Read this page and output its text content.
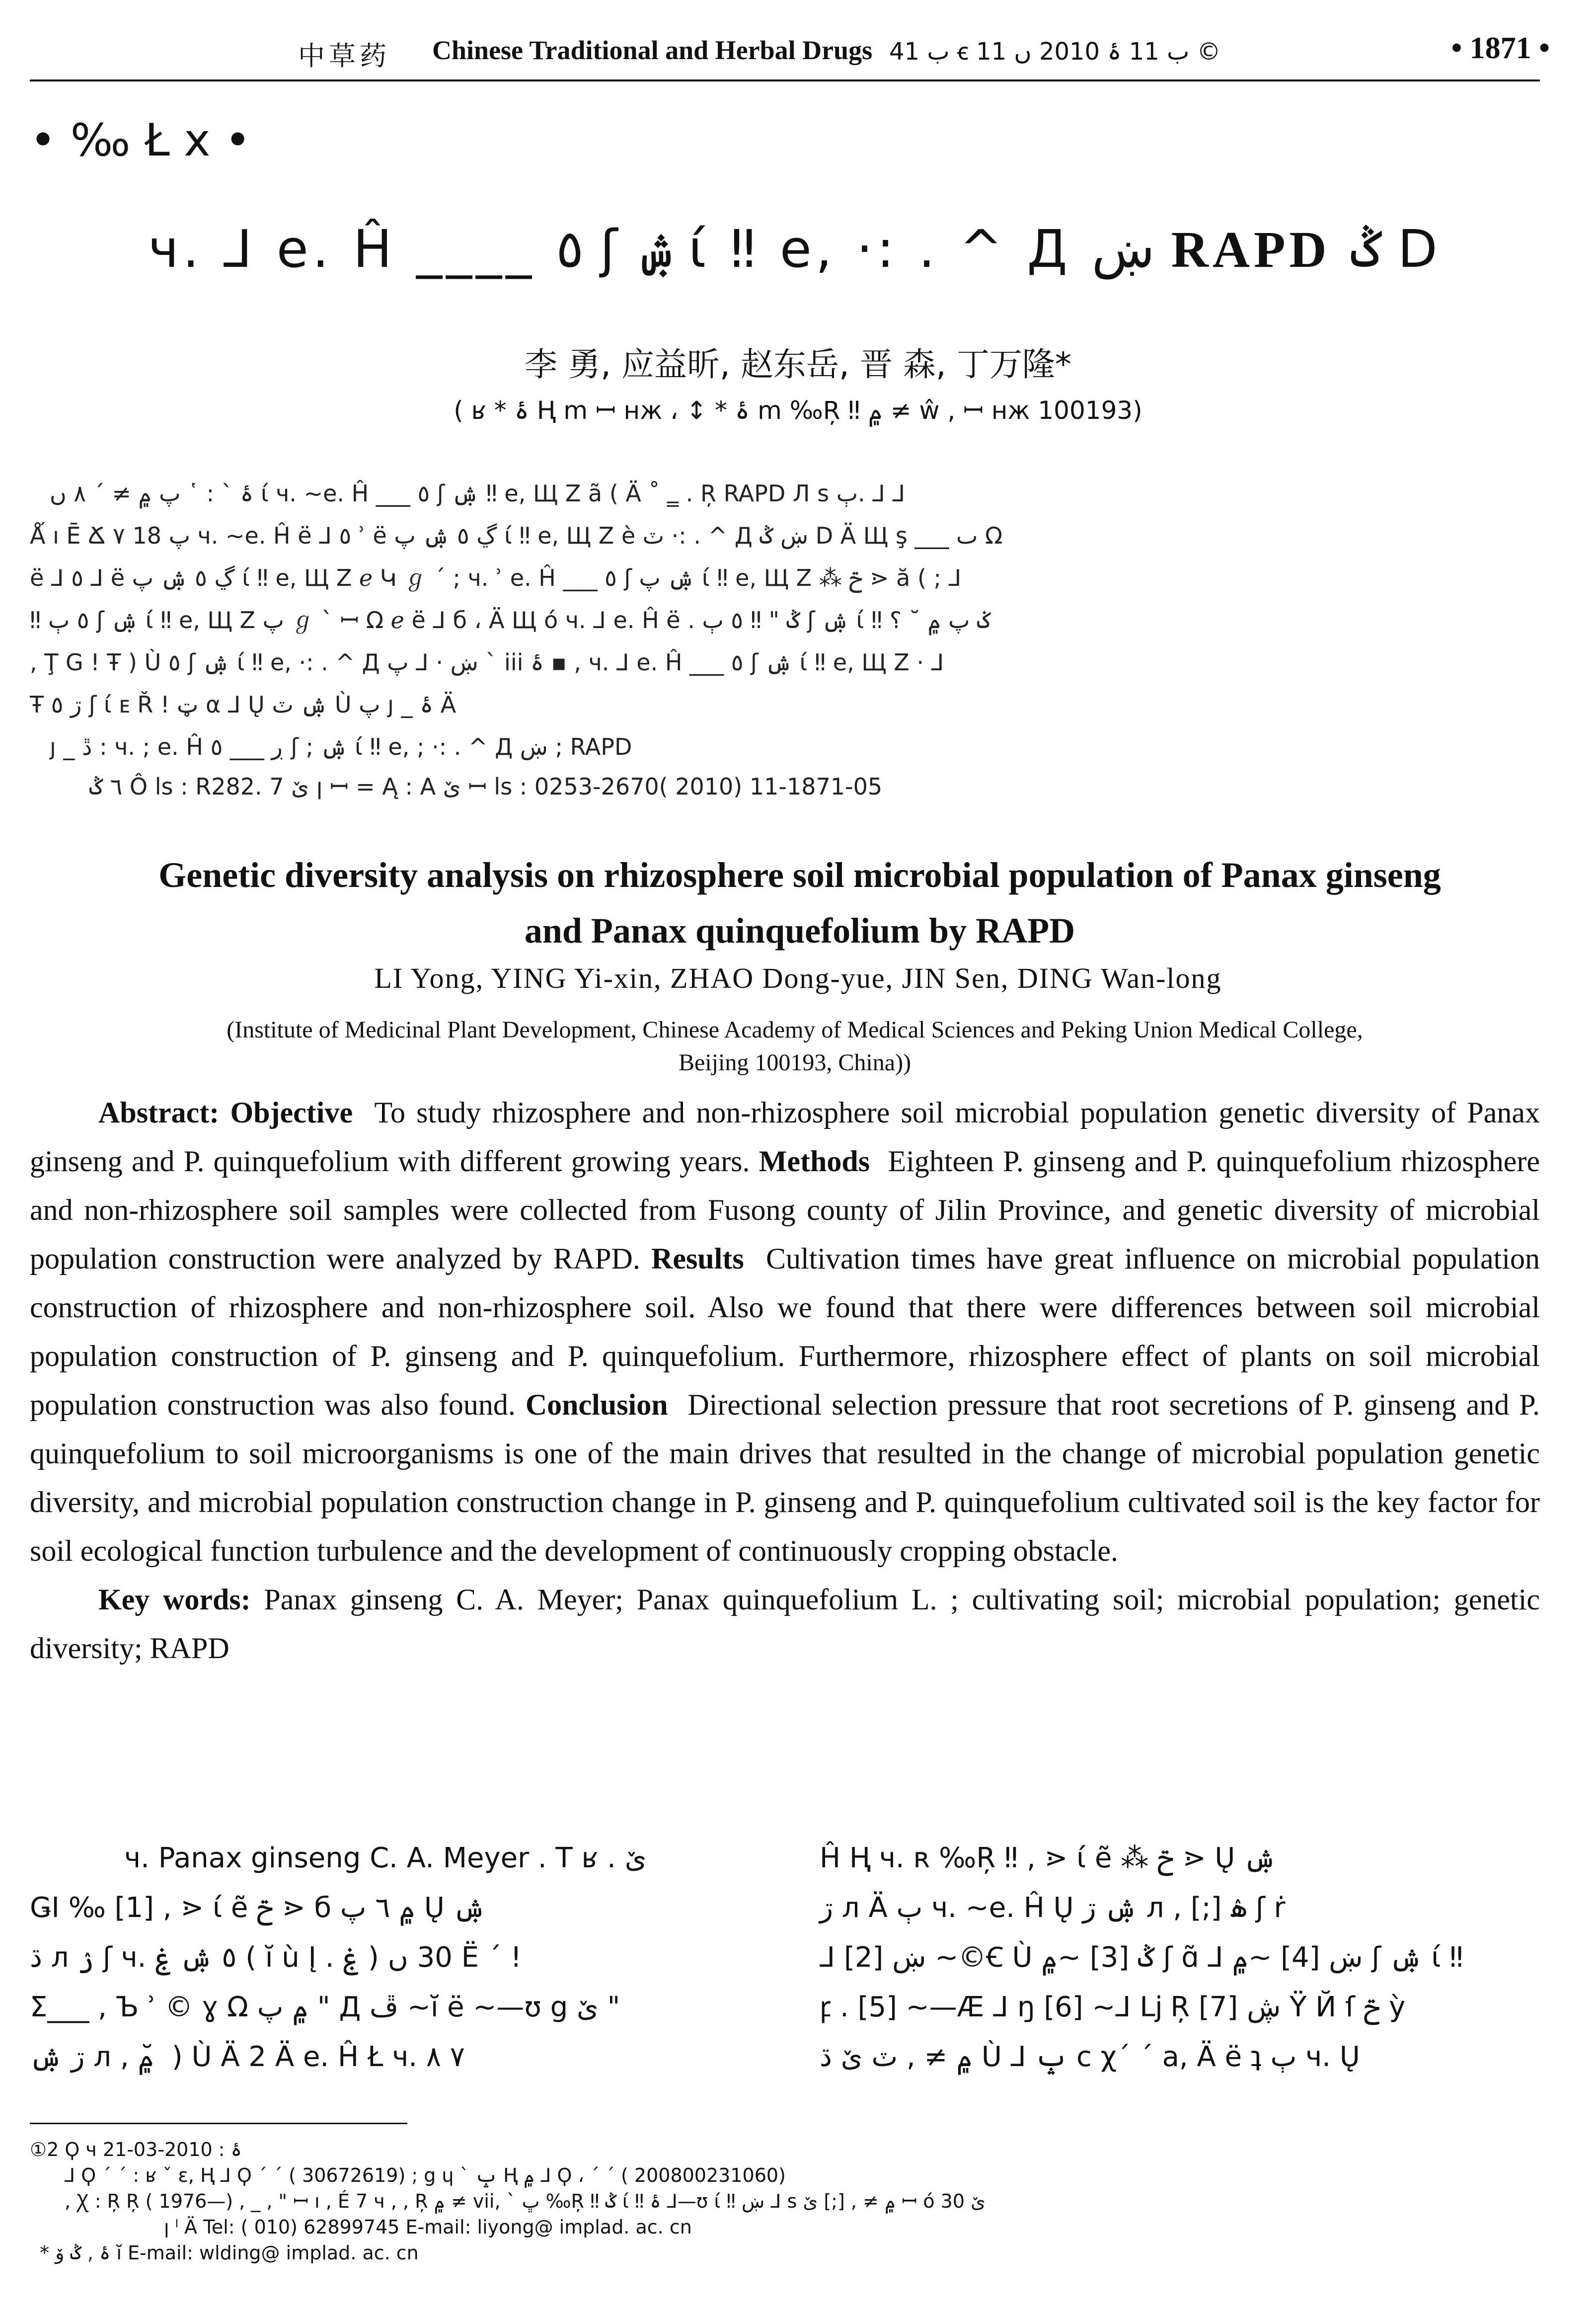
中草药 Chinese Traditional and Herbal Drugs ب 41 ꞓ ب 11 ۂ 2010 ں 11 ©	• 1871 •
• ‰ Ł x •
ч. ⅃ e. Ĥ ____ ٥ ʃ ۺ ί ‼ e, ·: . ^ Д ښ RAPD ݣ D
李 勇, 应益昕, 赵东岳, 晋 森, 丁万隆*
( ʁ * ۂ Ң m ꟷ ʜж ، ↕ * ۂ m ‰Ŗ ‼ ۾ ≠ ŵ , ꟷ ʜж 100193)
ۂ ` : ῾ پ ۾ ≠ ΄ ۸ ں ί ч. ~e. Ĥ ___ ٥ ʃ ۺ ‼ e, Щ Z ã ( Ä ˚ ‗ . Ŗ RAPD Л s ٻ. ⅃ ⅃
Ǻ ı Ē Ճ پ 18 ٧ ч. ~e. Ĥ ë ⅃ ٥ ʾ ë ڲ ٥ ۺ پ ί ‼ e, Щ Z è ٽ ·: . ^ Д ښ ݣ D Ä Щ ş ___ ٮ Ω
ë ⅃ ٥ ⅃ ë ڲ ٥ ۺ پ ί ‼ e, Щ Z ℯ Կ ℊ ΄ ; ч. ʾ e. Ĥ ___ ٥ ʃ ۺ پ ί ‼ e, Щ Z ⁂ ݗ ⋗ ă ( ; ⅃
‼ ٥ ٻ ʃ ۺ ί ‼ e, Щ Z پ ℊ ` ꟷ Ω ℯ ë ⅃ б ، Ä Щ ó ч. ⅃ e. Ĥ ë . ݣ " ‼ ٥ ٻ ʃ ۺ ί ‼ ݢ پ ۾ ˘ ؟
, Ţ G ! Ŧ ) Ù ٥ ʃ ۺ ί ‼ e, ·: . ^ Д ښ · ⅃ پ ` iii ۂ ▪ , ч. ⅃ e. Ĥ ___ ٥ ʃ ۺ ί ‼ e, Щ Z · ⅃
Ŧ ڗ ٥ ʃ ί ᴇ Ř ! ټ α ⅃ Ų ۺ ٽ Ù پ ȷ _ ۂ Ä
ȷ _ ڐ : ч. ; e. Ĥ ڔ ___ ٥ ʃ ; ۺ ί ‼ e, ; ·: . ^ Д ښ ; RAPD
٦ ݣ Ô ls : R282. 7 ێ ꞁ ꟷ = Ą : A ێ ꟷ ls : 0253-2670( 2010) 11-1871-05
Genetic diversity analysis on rhizosphere soil microbial population of Panax ginseng
and Panax quinquefolium by RAPD
LI Yong, YING Yi-xin, ZHAO Dong-yue, JIN Sen, DING Wan-long
(Institute of Medicinal Plant Development, Chinese Academy of Medical Sciences and Peking Union Medical College,
Beijing 100193, China))

Abstract: Objective To study rhizosphere and non-rhizosphere soil microbial population genetic diversity of Panax ginseng and P. quinquefolium with different growing years. Methods Eighteen P. ginseng and P. quinquefolium rhizosphere and non-rhizosphere soil samples were collected from Fusong county of Jilin Province, and genetic diversity of microbial population construction were analyzed by RAPD. Results Cultivation times have great influence on microbial population construction of rhizosphere and non-rhizosphere soil. Also we found that there were differences between soil microbial population construction of P. ginseng and P. quinquefolium. Furthermore, rhizosphere effect of plants on soil microbial population construction was also found. Conclusion Directional selection pressure that root secretions of P. ginseng and P. quinquefolium to soil microorganisms is one of the main drives that resulted in the change of microbial population genetic diversity, and microbial population construction change in P. ginseng and P. quinquefolium cultivated soil is the key factor for soil ecological function turbulence and the development of continuously cropping obstacle.

Key words: Panax ginseng C. A. Meyer; Panax quinquefolium L. ; cultivating soil; microbial population; genetic diversity; RAPD

ч. Panax ginseng C. A. Meyer . T ʁ . ێ
ǤI ‰ [1] , ⋗ ί ẽ ݗ ⋗ б ۾ ٦ پ Ų ۺ
ڌ л ۯ ʃ ч. ٥ ۺ ۼ ( ĭ ù Į . ۼ ) 30 ں Ё ΄ !
Σ___ , Ъ ʾ © ɣ Ω ۾ پ " Д ڦ ~ĭ ë ~—ʊ ց ێ "
ڗ ۺ л , ۾ ̆ ) Ù Ä 2 Ä e. Ĥ Ł ч. ۸ ٧
Ĥ Ң ч. ʀ ‰Ŗ ‼ , ⋗ ί ẽ ⁂ ݗ ⋗ Ų ۺ
ڗ л Ä ٻ ч. ~e. Ĥ Ų ۺ ڗ л , [;] ۿ ʃ ṙ
⅃ ښ [2] ~©Ꞓ Ù ݣ [3] ~۾ ʃ ɑ̃ ⅃ ښ [4] ~۾ ʃ ۺ ί ‼
ꝼ . [5] ~—Æ ⅃ ŋ [6] ~⅃ ǈ Ŗ [7] ڜ Ÿ Й ſ ݗ ỳ
۾ ≠ , ٽ ێ ڌ Ù ⅃ ݒ c χ΄ ΄ a, Ä ë ʇ ٻ ч. Ų
①2 Ϙ ч ۂ : 2010-03-21
⅃ Ϙ ΄ ΄ : ʁ ˇ ɛ, Ң ⅃ Ϙ ΄ ΄ ( 30672619) ; g ɥ ` ݒ Ң ۾ ⅃ Ϙ ، ΄ ΄ ( 200800231060)
, Ꭓ : Ŗ Ŗ ( 1976—) , _ , " ꟷ ı , É 7 ч , , Ŗ ۾ ≠ vii, ` ڀ ‰Ŗ ‼ ݣ ί ‼ ۂ ⅃—ʊ ί ‼ ښ ⅃ s ۾ ≠ , [;] ێ ꟷ ó ێ 30
ꞁ ˡ Ä Tel: ( 010) 62899745 E-mail: liyong@ implad. ac. cn
* ۂ , ݣ ۆ ĭ E-mail: wlding@ implad. ac. cn
